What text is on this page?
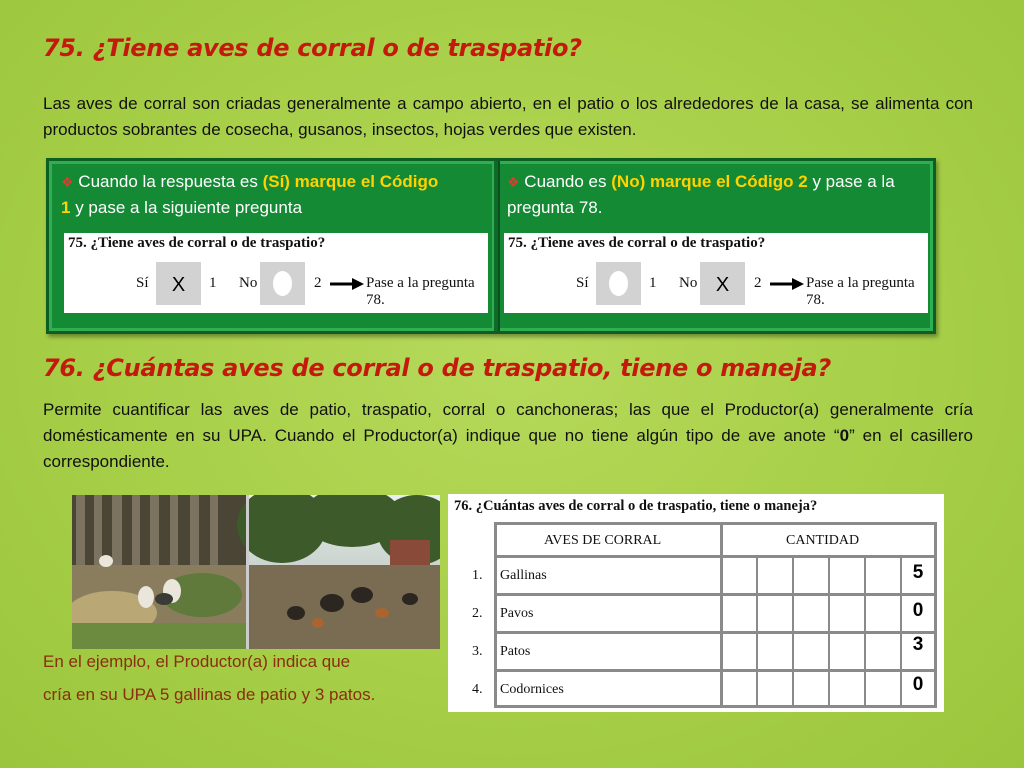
75. ¿Tiene aves de corral o de traspatio?

Las aves de corral son criadas generalmente a campo abierto, en el patio o los alrededores de la casa, se alimenta con productos sobrantes de cosecha, gusanos, insectos, hojas verdes que existen.

❖ Cuando la respuesta es (Sí) marque el Código 1 y pase a la siguiente pregunta
❖ Cuando es (No) marque el Código 2 y pase a la pregunta 78.
75. ¿Tiene aves de corral o de traspatio?
Sí	X	1 No	2	Pase a la pregunta 78.
75. ¿Tiene aves de corral o de traspatio?
Sí	1 No X	2	Pase a la pregunta 78.
76. ¿Cuántas aves de corral o de traspatio, tiene o maneja?

Permite cuantificar las aves de patio, traspatio, corral o canchoneras; las que el Productor(a) generalmente cría domésticamente en su UPA. Cuando el Productor(a) indique que no tiene algún tipo de ave anote “0” en el casillero correspondiente.

En el ejemplo, el Productor(a) indica que

cría en su UPA 5 gallinas de patio y 3 patos.

76. ¿Cuántas aves de corral o de traspatio, tiene o maneja?
AVES DE CORRAL	CANTIDAD
1. Gallinas	5
2. Pavos	0
3. Patos	3
4. Codornices	0
